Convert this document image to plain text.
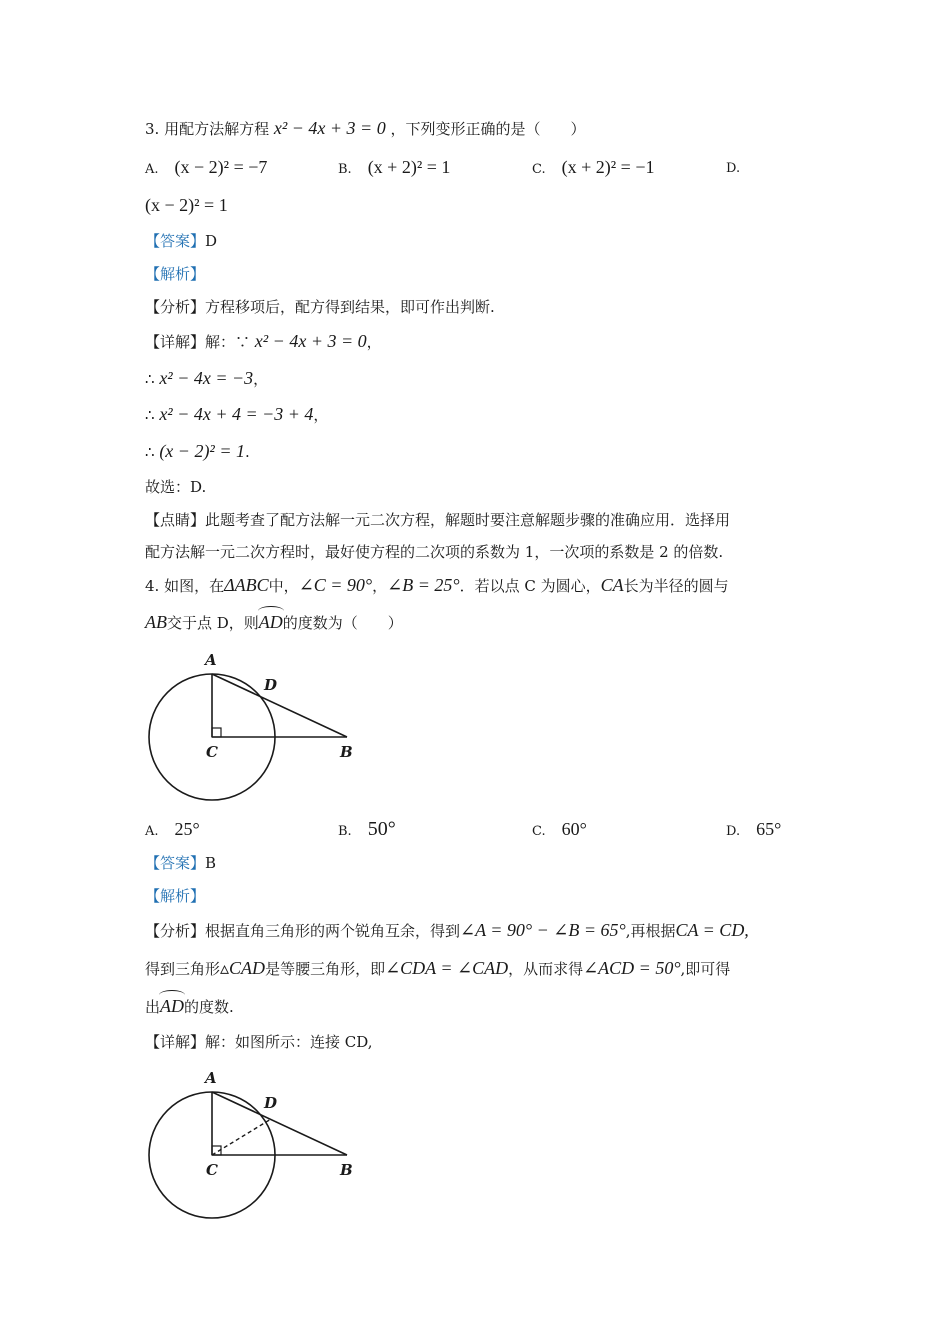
3. 用配方法解方程 x² − 4x + 3 = 0 ，下列变形正确的是（　　）
A. (x − 2)² = −7	B. (x + 2)² = 1	C. (x + 2)² = −1	D.
(x − 2)² = 1
【答案】D
【解析】
【分析】方程移项后，配方得到结果，即可作出判断.
【详解】解：∵ x² − 4x + 3 = 0，
∴ x² − 4x = −3，
∴ x² − 4x + 4 = −3 + 4，
∴ (x − 2)² = 1.
故选：D.
【点睛】此题考查了配方法解一元二次方程，解题时要注意解题步骤的准确应用．选择用
配方法解一元二次方程时，最好使方程的二次项的系数为 1，一次项的系数是 2 的倍数.
4. 如图，在ΔABC中，∠C = 90°，∠B = 25°．若以点 C 为圆心，CA长为半径的圆与
AB交于点 D，则AD的度数为（　　）
A
D
C	B
A. 25°	B. 50°	C. 60°	D. 65°
【答案】B
【解析】
【分析】根据直角三角形的两个锐角互余，得到∠A = 90° − ∠B = 65°,再根据CA = CD,
得到三角形▵CAD是等腰三角形，即∠CDA = ∠CAD，从而求得∠ACD = 50°,即可得
出AD的度数.
【详解】解：如图所示：连接 CD,
A
D
C	B
